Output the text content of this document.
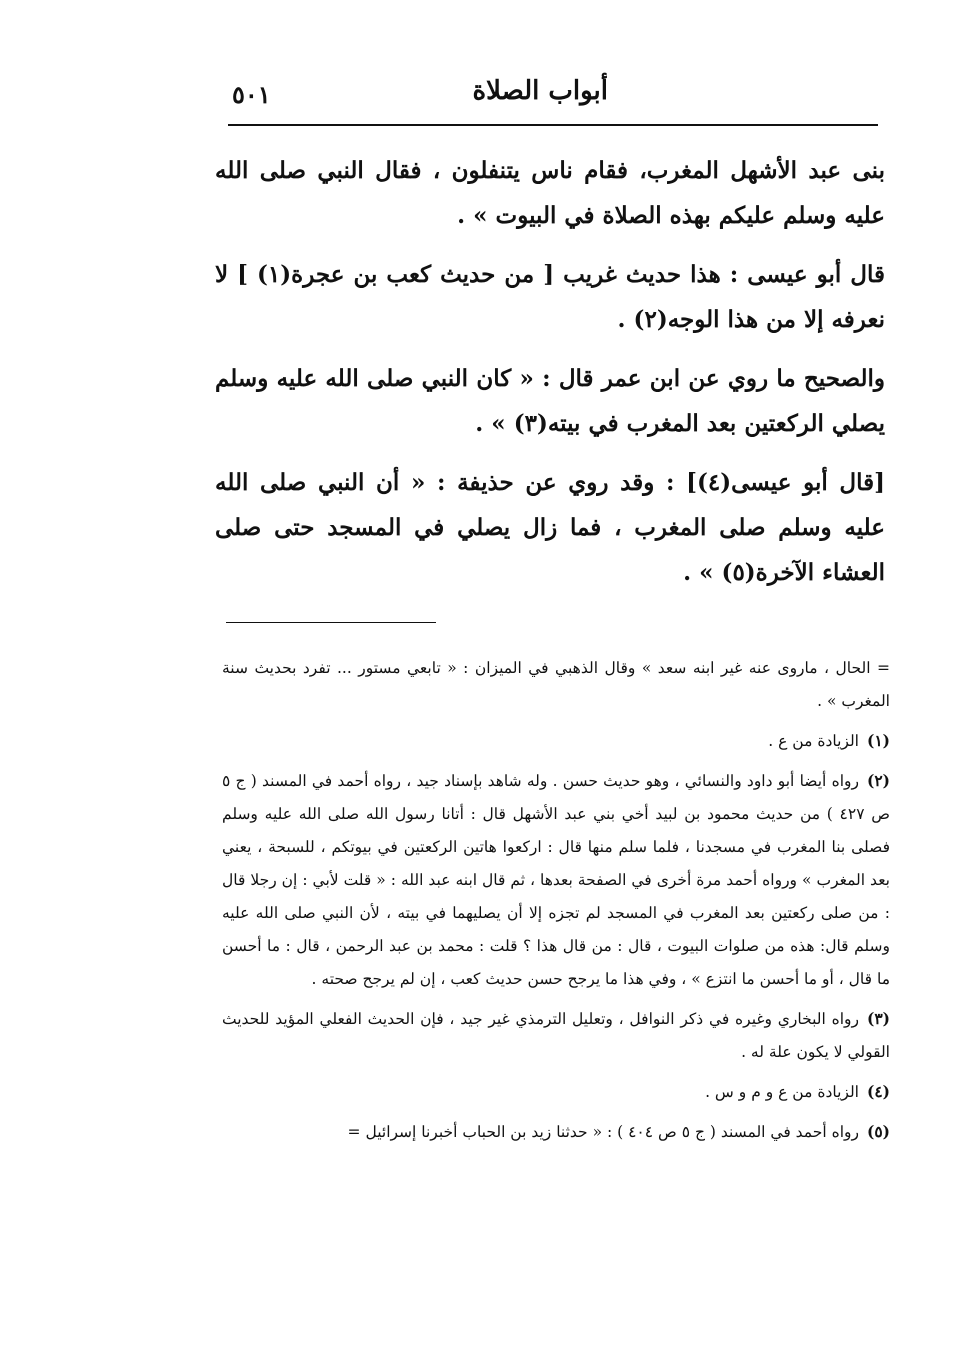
أبواب الصلاة
٥٠١

بنى عبد الأشهل المغرب، فقام ناس يتنفلون ، فقال النبي صلى الله عليه وسلم عليكم بهذه الصلاة في البيوت » .

قال أبو عيسى : هذا حديث غريب [ من حديث كعب بن عجرة(١) ] لا نعرفه إلا من هذا الوجه(٢) .

والصحيح ما روي عن ابن عمر قال : « كان النبي صلى الله عليه وسلم يصلي الركعتين بعد المغرب في بيته(٣) » .

[قال أبو عيسى(٤)] : وقد روي عن حذيفة : « أن النبي صلى الله عليه وسلم صلى المغرب ، فما زال يصلي في المسجد حتى صلى العشاء الآخرة(٥) » .

= الحال ، ماروى عنه غير ابنه سعد » وقال الذهبي في الميزان : « تابعي مستور ... تفرد بحديث سنة المغرب » .

(١)الزيادة من ع .

(٢)رواه أيضا أبو داود والنسائي ، وهو حديث حسن . وله شاهد بإسناد جيد ، رواه أحمد في المسند ( ج ٥ ص ٤٢٧ ) من حديث محمود بن لبيد أخي بني عبد الأشهل قال : أتانا رسول الله صلى الله عليه وسلم فصلى بنا المغرب في مسجدنا ، فلما سلم منها قال : اركعوا هاتين الركعتين في بيوتكم ، للسبحة ، يعني بعد المغرب » ورواه أحمد مرة أخرى في الصفحة بعدها ، ثم قال ابنه عبد الله : « قلت لأبي : إن رجلا قال : من صلى ركعتين بعد المغرب في المسجد لم تجزه إلا أن يصليهما في بيته ، لأن النبي صلى الله عليه وسلم قال: هذه من صلوات البيوت ، قال : من قال هذا ؟ قلت : محمد بن عبد الرحمن ، قال : ما أحسن ما قال ، أو ما أحسن ما انتزع » ، وفي هذا ما يرجح حسن حديث كعب ، إن لم يرجح صحته .

(٣)رواه البخاري وغيره في ذكر النوافل ، وتعليل الترمذي غير جيد ، فإن الحديث الفعلي المؤيد للحديث القولي لا يكون علة له .

(٤)الزيادة من ع و م و س .

(٥)رواه أحمد في المسند ( ج ٥ ص ٤٠٤ ) : « حدثنا زيد بن الحباب أخبرنا إسرائيل =
